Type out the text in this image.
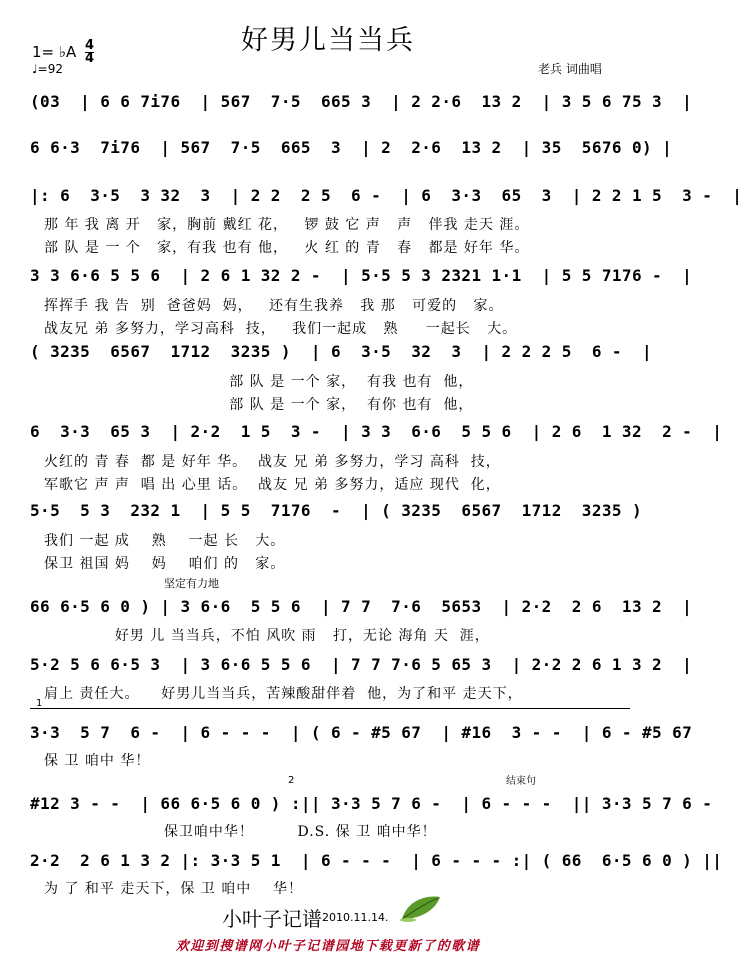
好男儿当当兵
1= ♭A $\frac{4}{4}$
♩=92	老兵 词曲唱
(03  | 6 6 7i76  | 567  7·5  665 3  | 2 2·6  13 2  | 3 5 6 75 3  |
6 6·3  7i76  | 567  7·5  665  3  | 2  2·6  13 2  | 35  5676 0) |
|: 6  3·5  3 32  3  | 2 2  2 5  6 -  | 6  3·3  65  3  | 2 2 1 5  3 -  |
那 年 我 离 开   家，胸前 戴红 花，   锣 鼓 它 声   声   伴我 走天 涯。
部 队 是 一 个   家，有我 也有 他，   火 红 的 青   春   都是 好年 华。
3 3 6·6 5 5 6  | 2 6 1 32 2 -  | 5·5 5 3 2321 1·1  | 5 5 7176 -  |
挥挥手 我 告  别  爸爸妈  妈，   还有生我养   我 那   可爱的   家。
战友兄 弟 多努力，学习高科  技，   我们一起成   熟     一起长   大。
( 3235  6567  1712  3235 )  | 6  3·5  32  3  | 2 2 2 5  6 -  |
部 队 是 一个 家，  有我 也有  他，
部 队 是 一个 家，  有你 也有  他，
6  3·3  65 3  | 2·2  1 5  3 -  | 3 3  6·6  5 5 6  | 2 6  1 32  2 -  |
火红的 青 春  都 是 好年 华。  战友 兄 弟 多努力，学习 高科  技，
军歌它 声 声  唱 出 心里 话。  战友 兄 弟 多努力，适应 现代  化，
5·5  5 3  232 1  | 5 5  7176  -  | ( 3235  6567  1712  3235 )
我们 一起 成    熟    一起 长   大。
保卫 祖国 妈    妈    咱们 的   家。
坚定有力地
66 6·5 6 0 ) | 3 6·6  5 5 6  | 7 7  7·6  5653  | 2·2  2 6  13 2  |
好男 儿 当当兵，不怕 风吹 雨   打，无论 海角 天  涯，
5·2 5 6 6·5 3  | 3 6·6 5 5 6  | 7 7 7·6 5 65 3  | 2·2 2 6 1 3 2  |
肩上 责任大。    好男儿当当兵，苦辣酸甜伴着  他，为了和平 走天下，
1
3·3  5 7  6 -  | 6 - - -  | ( 6 - #5 67  | #16  3 - -  | 6 - #5 67
保 卫 咱中 华！
2	结束句
#12 3 - -  | 66 6·5 6 0 ) :|| 3·3 5 7 6 -  | 6 - - -  || 3·3 5 7 6 -
保卫咱中华！        D.S. 保 卫 咱中华！
2·2  2 6 1 3 2 |: 3·3 5 1  | 6 - - -  | 6 - - - :| ( 66  6·5 6 0 ) ||
为 了 和平 走天下，保 卫 咱中    华！
小叶子记谱 2010.11.14.
欢迎到搜谱网小叶子记谱园地下载更新了的歌谱
